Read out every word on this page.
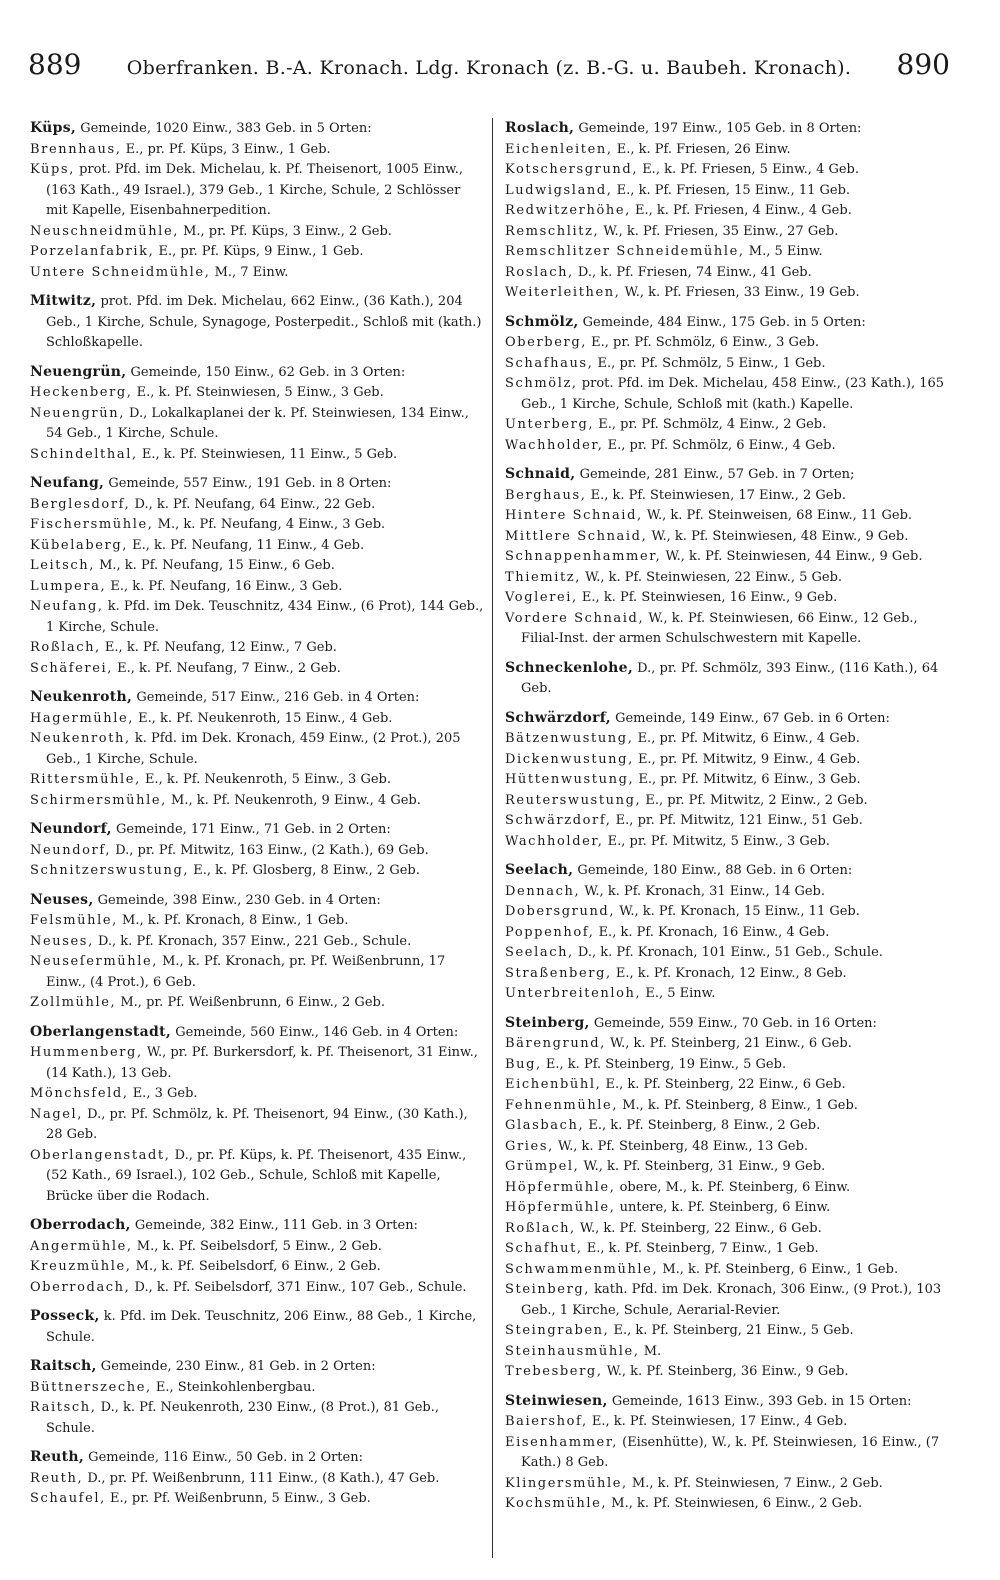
889 Oberfranken. B.-A. Kronach. Ldg. Kronach (z. B.-G. u. Baubeh. Kronach). 890

Küps, Gemeinde, 1020 Einw., 383 Geb. in 5 Orten:

Brennhaus, E., pr. Pf. Küps, 3 Einw., 1 Geb.

Küps, prot. Pfd. im Dek. Michelau, k. Pf. Theisenort, 1005 Einw., (163 Kath., 49 Israel.), 379 Geb., 1 Kirche, Schule, 2 Schlösser mit Kapelle, Eisenbahnerpedition.

Neuschneidmühle, M., pr. Pf. Küps, 3 Einw., 2 Geb.

Porzelanfabrik, E., pr. Pf. Küps, 9 Einw., 1 Geb.

Untere Schneidmühle, M., 7 Einw.

Mitwitz, prot. Pfd. im Dek. Michelau, 662 Einw., (36 Kath.), 204 Geb., 1 Kirche, Schule, Synagoge, Posterpedit., Schloß mit (kath.) Schloßkapelle.

Neuengrün, Gemeinde, 150 Einw., 62 Geb. in 3 Orten:

Heckenberg, E., k. Pf. Steinwiesen, 5 Einw., 3 Geb.

Neuengrün, D., Lokalkaplanei der k. Pf. Steinwiesen, 134 Einw., 54 Geb., 1 Kirche, Schule.

Schindelthal, E., k. Pf. Steinwiesen, 11 Einw., 5 Geb.

Neufang, Gemeinde, 557 Einw., 191 Geb. in 8 Orten:

Berglesdorf, D., k. Pf. Neufang, 64 Einw., 22 Geb.

Fischersmühle, M., k. Pf. Neufang, 4 Einw., 3 Geb.

Kübelaberg, E., k. Pf. Neufang, 11 Einw., 4 Geb.

Leitsch, M., k. Pf. Neufang, 15 Einw., 6 Geb.

Lumpera, E., k. Pf. Neufang, 16 Einw., 3 Geb.

Neufang, k. Pfd. im Dek. Teuschnitz, 434 Einw., (6 Prot), 144 Geb., 1 Kirche, Schule.

Roßlach, E., k. Pf. Neufang, 12 Einw., 7 Geb.

Schäferei, E., k. Pf. Neufang, 7 Einw., 2 Geb.

Neukenroth, Gemeinde, 517 Einw., 216 Geb. in 4 Orten:

Hagermühle, E., k. Pf. Neukenroth, 15 Einw., 4 Geb.

Neukenroth, k. Pfd. im Dek. Kronach, 459 Einw., (2 Prot.), 205 Geb., 1 Kirche, Schule.

Rittersmühle, E., k. Pf. Neukenroth, 5 Einw., 3 Geb.

Schirmersmühle, M., k. Pf. Neukenroth, 9 Einw., 4 Geb.

Neundorf, Gemeinde, 171 Einw., 71 Geb. in 2 Orten:

Neundorf, D., pr. Pf. Mitwitz, 163 Einw., (2 Kath.), 69 Geb.

Schnitzerswustung, E., k. Pf. Glosberg, 8 Einw., 2 Geb.

Neuses, Gemeinde, 398 Einw., 230 Geb. in 4 Orten:

Felsmühle, M., k. Pf. Kronach, 8 Einw., 1 Geb.

Neuses, D., k. Pf. Kronach, 357 Einw., 221 Geb., Schule.

Neuseſermühle, M., k. Pf. Kronach, pr. Pf. Weißenbrunn, 17 Einw., (4 Prot.), 6 Geb.

Zollmühle, M., pr. Pf. Weißenbrunn, 6 Einw., 2 Geb.

Oberlangenstadt, Gemeinde, 560 Einw., 146 Geb. in 4 Orten:

Hummenberg, W., pr. Pf. Burkersdorf, k. Pf. Theisenort, 31 Einw., (14 Kath.), 13 Geb.

Mönchsfeld, E., 3 Geb.

Nagel, D., pr. Pf. Schmölz, k. Pf. Theisenort, 94 Einw., (30 Kath.), 28 Geb.

Oberlangenstadt, D., pr. Pf. Küps, k. Pf. Theisenort, 435 Einw., (52 Kath., 69 Israel.), 102 Geb., Schule, Schloß mit Kapelle, Brücke über die Rodach.

Oberrodach, Gemeinde, 382 Einw., 111 Geb. in 3 Orten:

Angermühle, M., k. Pf. Seibelsdorf, 5 Einw., 2 Geb.

Kreuzmühle, M., k. Pf. Seibelsdorf, 6 Einw., 2 Geb.

Oberrodach, D., k. Pf. Seibelsdorf, 371 Einw., 107 Geb., Schule.

Posseck, k. Pfd. im Dek. Teuschnitz, 206 Einw., 88 Geb., 1 Kirche, Schule.

Raitsch, Gemeinde, 230 Einw., 81 Geb. in 2 Orten:

Büttnerszeche, E., Steinkohlenbergbau.

Raitsch, D., k. Pf. Neukenroth, 230 Einw., (8 Prot.), 81 Geb., Schule.

Reuth, Gemeinde, 116 Einw., 50 Geb. in 2 Orten:

Reuth, D., pr. Pf. Weißenbrunn, 111 Einw., (8 Kath.), 47 Geb.

Schaufel, E., pr. Pf. Weißenbrunn, 5 Einw., 3 Geb.

Roslach, Gemeinde, 197 Einw., 105 Geb. in 8 Orten:

Eichenleiten, E., k. Pf. Friesen, 26 Einw.

Kotschersgrund, E., k. Pf. Friesen, 5 Einw., 4 Geb.

Ludwigsland, E., k. Pf. Friesen, 15 Einw., 11 Geb.

Redwitzerhöhe, E., k. Pf. Friesen, 4 Einw., 4 Geb.

Remschlitz, W., k. Pf. Friesen, 35 Einw., 27 Geb.

Remschlitzer Schneidemühle, M., 5 Einw.

Roslach, D., k. Pf. Friesen, 74 Einw., 41 Geb.

Weiterleithen, W., k. Pf. Friesen, 33 Einw., 19 Geb.

Schmölz, Gemeinde, 484 Einw., 175 Geb. in 5 Orten:

Oberberg, E., pr. Pf. Schmölz, 6 Einw., 3 Geb.

Schafhaus, E., pr. Pf. Schmölz, 5 Einw., 1 Geb.

Schmölz, prot. Pfd. im Dek. Michelau, 458 Einw., (23 Kath.), 165 Geb., 1 Kirche, Schule, Schloß mit (kath.) Kapelle.

Unterberg, E., pr. Pf. Schmölz, 4 Einw., 2 Geb.

Wachholder, E., pr. Pf. Schmölz, 6 Einw., 4 Geb.

Schnaid, Gemeinde, 281 Einw., 57 Geb. in 7 Orten;

Berghaus, E., k. Pf. Steinwiesen, 17 Einw., 2 Geb.

Hintere Schnaid, W., k. Pf. Steinweisen, 68 Einw., 11 Geb.

Mittlere Schnaid, W., k. Pf. Steinwiesen, 48 Einw., 9 Geb.

Schnappenhammer, W., k. Pf. Steinwiesen, 44 Einw., 9 Geb.

Thiemitz, W., k. Pf. Steinwiesen, 22 Einw., 5 Geb.

Voglerei, E., k. Pf. Steinwiesen, 16 Einw., 9 Geb.

Vordere Schnaid, W., k. Pf. Steinwiesen, 66 Einw., 12 Geb., Filial-Inst. der armen Schulschwestern mit Kapelle.

Schneckenlohe, D., pr. Pf. Schmölz, 393 Einw., (116 Kath.), 64 Geb.

Schwärzdorf, Gemeinde, 149 Einw., 67 Geb. in 6 Orten:

Bätzenwustung, E., pr. Pf. Mitwitz, 6 Einw., 4 Geb.

Dickenwustung, E., pr. Pf. Mitwitz, 9 Einw., 4 Geb.

Hüttenwustung, E., pr. Pf. Mitwitz, 6 Einw., 3 Geb.

Reuterswustung, E., pr. Pf. Mitwitz, 2 Einw., 2 Geb.

Schwärzdorf, E., pr. Pf. Mitwitz, 121 Einw., 51 Geb.

Wachholder, E., pr. Pf. Mitwitz, 5 Einw., 3 Geb.

Seelach, Gemeinde, 180 Einw., 88 Geb. in 6 Orten:

Dennach, W., k. Pf. Kronach, 31 Einw., 14 Geb.

Dobersgrund, W., k. Pf. Kronach, 15 Einw., 11 Geb.

Poppenhof, E., k. Pf. Kronach, 16 Einw., 4 Geb.

Seelach, D., k. Pf. Kronach, 101 Einw., 51 Geb., Schule.

Straßenberg, E., k. Pf. Kronach, 12 Einw., 8 Geb.

Unterbreitenloh, E., 5 Einw.

Steinberg, Gemeinde, 559 Einw., 70 Geb. in 16 Orten:

Bärengrund, W., k. Pf. Steinberg, 21 Einw., 6 Geb.

Bug, E., k. Pf. Steinberg, 19 Einw., 5 Geb.

Eichenbühl, E., k. Pf. Steinberg, 22 Einw., 6 Geb.

Fehnenmühle, M., k. Pf. Steinberg, 8 Einw., 1 Geb.

Glasbach, E., k. Pf. Steinberg, 8 Einw., 2 Geb.

Gries, W., k. Pf. Steinberg, 48 Einw., 13 Geb.

Grümpel, W., k. Pf. Steinberg, 31 Einw., 9 Geb.

Höpfermühle, obere, M., k. Pf. Steinberg, 6 Einw.

Höpfermühle, untere, k. Pf. Steinberg, 6 Einw.

Roßlach, W., k. Pf. Steinberg, 22 Einw., 6 Geb.

Schafhut, E., k. Pf. Steinberg, 7 Einw., 1 Geb.

Schwammenmühle, M., k. Pf. Steinberg, 6 Einw., 1 Geb.

Steinberg, kath. Pfd. im Dek. Kronach, 306 Einw., (9 Prot.), 103 Geb., 1 Kirche, Schule, Aerarial-Revier.

Steingraben, E., k. Pf. Steinberg, 21 Einw., 5 Geb.

Steinhausmühle, M.

Trebesberg, W., k. Pf. Steinberg, 36 Einw., 9 Geb.

Steinwiesen, Gemeinde, 1613 Einw., 393 Geb. in 15 Orten:

Baiershof, E., k. Pf. Steinwiesen, 17 Einw., 4 Geb.

Eisenhammer, (Eisenhütte), W., k. Pf. Steinwiesen, 16 Einw., (7 Kath.) 8 Geb.

Klingersmühle, M., k. Pf. Steinwiesen, 7 Einw., 2 Geb.

Kochsmühle, M., k. Pf. Steinwiesen, 6 Einw., 2 Geb.
